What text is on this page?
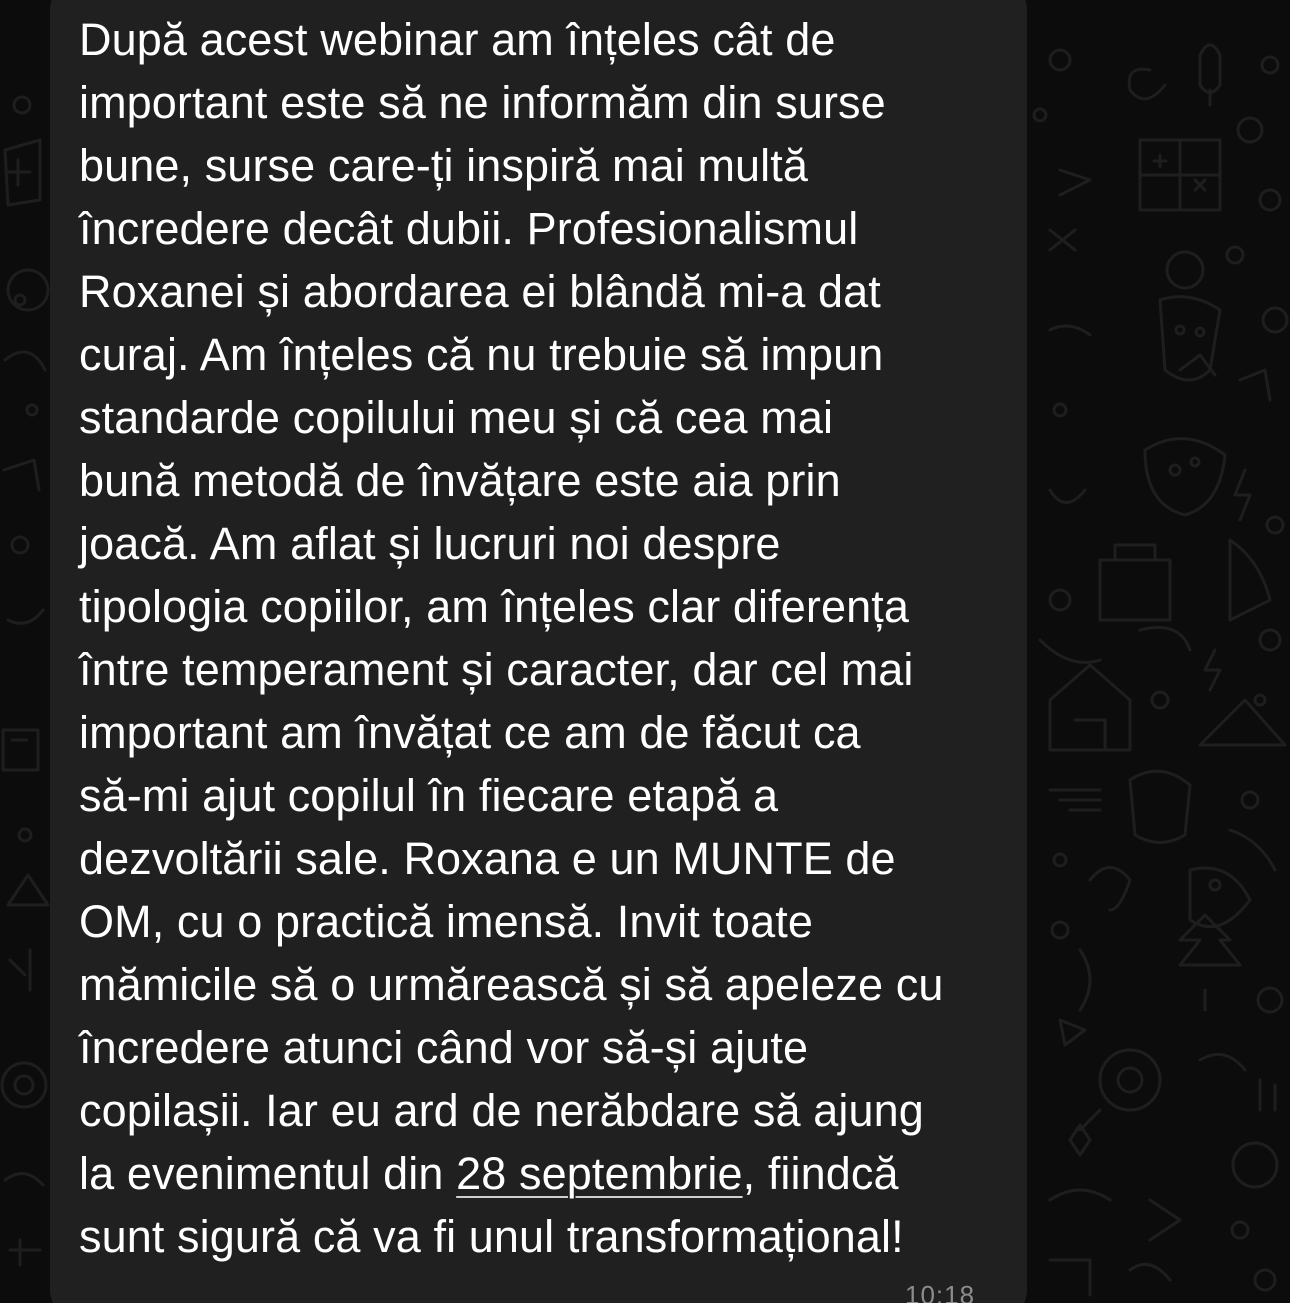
După acest webinar am înțeles cât de
important este să ne informăm din surse
bune, surse care-ți inspiră mai multă
încredere decât dubii. Profesionalismul
Roxanei și abordarea ei blândă mi-a dat
curaj. Am înțeles că nu trebuie să impun
standarde copilului meu și că cea mai
bună metodă de învățare este aia prin
joacă. Am aflat și lucruri noi despre
tipologia copiilor, am înțeles clar diferența
între temperament și caracter, dar cel mai
important am învățat ce am de făcut ca
să-mi ajut copilul în fiecare etapă a
dezvoltării sale. Roxana e un MUNTE de
OM, cu o practică imensă. Invit toate
mămicile să o urmărească și să apeleze cu
încredere atunci când vor să-și ajute
copilașii. Iar eu ard de nerăbdare să ajung
la evenimentul din 28 septembrie, fiindcă
sunt sigură că va fi unul transformațional!

10:18
